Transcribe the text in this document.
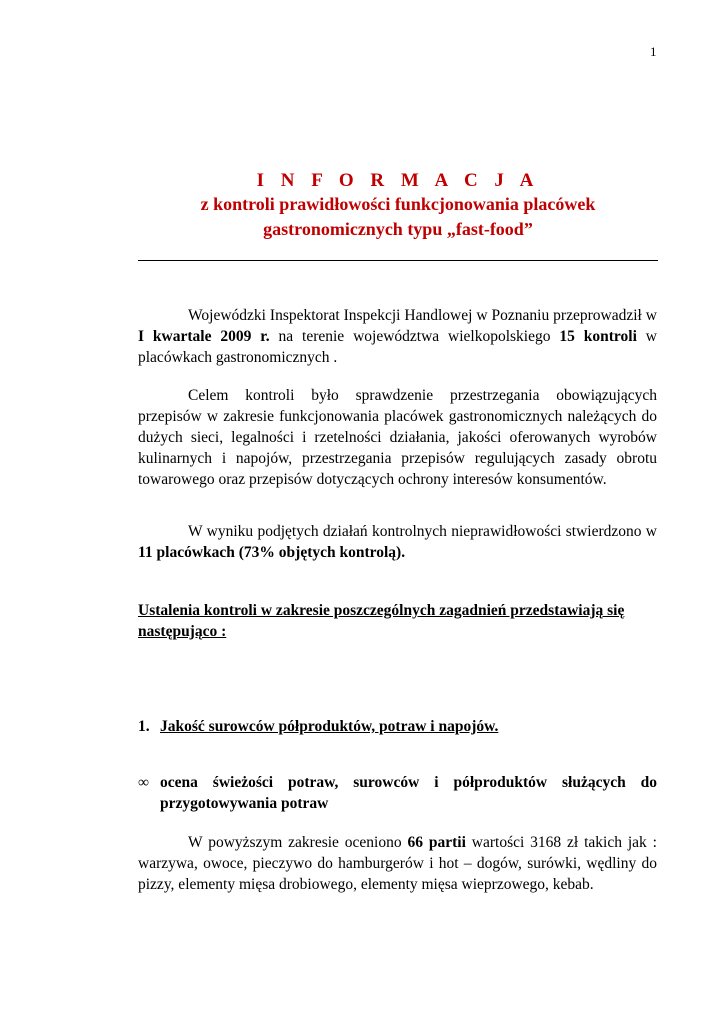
1
I N F O R M A C J A
z kontroli prawidłowości funkcjonowania placówek
gastronomicznych typu „fast-food”

Wojewódzki Inspektorat Inspekcji Handlowej w Poznaniu przeprowadził w I kwartale 2009 r. na terenie województwa wielkopolskiego 15 kontroli w placówkach gastronomicznych .

Celem kontroli było sprawdzenie przestrzegania obowiązujących przepisów w zakresie funkcjonowania placówek gastronomicznych należących do dużych sieci, legalności i rzetelności działania, jakości oferowanych wyrobów kulinarnych i napojów, przestrzegania przepisów regulujących zasady obrotu towarowego oraz przepisów dotyczących ochrony interesów konsumentów.

W wyniku podjętych działań kontrolnych nieprawidłowości stwierdzono w 11 placówkach (73% objętych kontrolą).

Ustalenia kontroli w zakresie poszczególnych zagadnień przedstawiają się następująco :

1. Jakość surowców półproduktów, potraw i napojów.
∞ ocena świeżości potraw, surowców i półproduktów służących do przygotowywania potraw

W powyższym zakresie oceniono 66 partii wartości 3168 zł takich jak : warzywa, owoce, pieczywo do hamburgerów i hot – dogów, surówki, wędliny do pizzy, elementy mięsa drobiowego, elementy mięsa wieprzowego, kebab.
